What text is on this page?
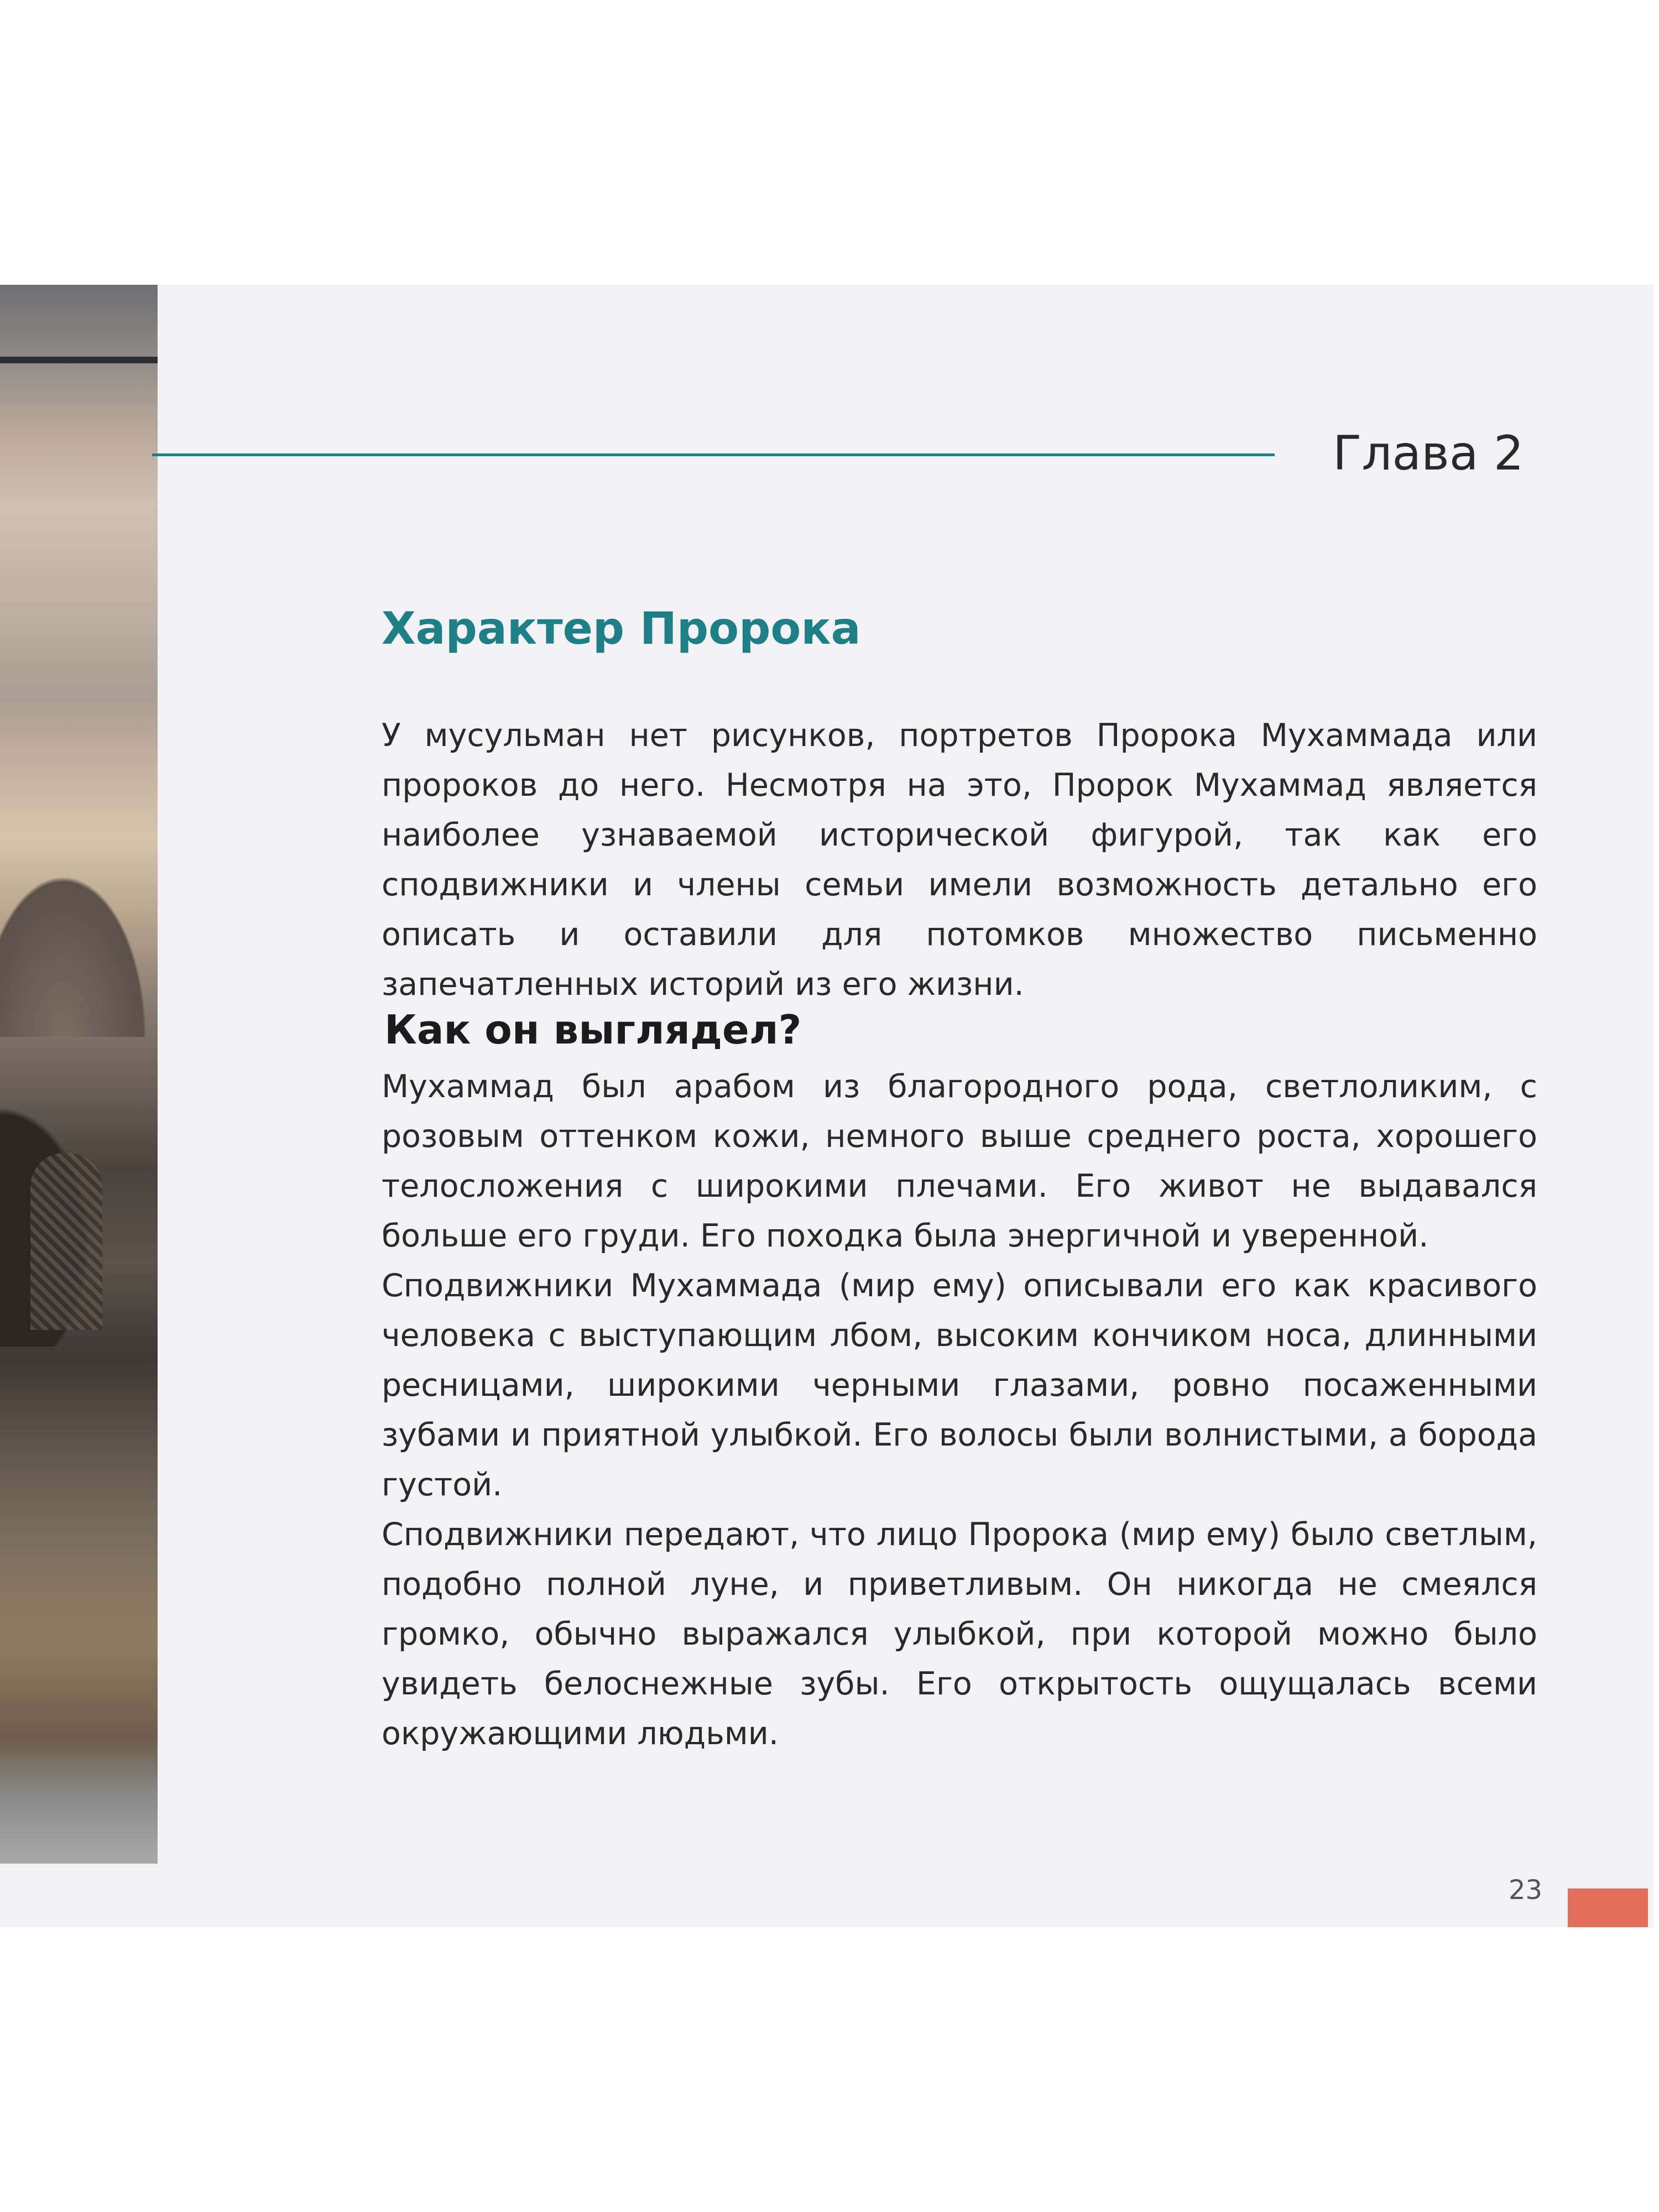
Глава 2
Характер Пророка
У мусульман нет рисунков, портретов Пророка Мухаммада или пророков до него. Несмотря на это, Пророк Мухаммад является наиболее узнаваемой исторической фигурой, так как его сподвижники и члены семьи имели возможность детально его описать и оставили для потомков множество письменно запечатленных историй из его жизни.
Как он выглядел?
Мухаммад был арабом из благородного рода, светлоликим, с розовым оттенком кожи, немного выше среднего роста, хорошего телосложения с широкими плечами. Его живот не выдавался больше его груди. Его походка была энергичной и уверенной.
Сподвижники Мухаммада (мир ему) описывали его как красивого человека с выступающим лбом, высоким кончиком носа, длинными ресницами, широкими черными глазами, ровно посаженными зубами и приятной улыбкой. Его волосы были волнистыми, а борода густой.
Сподвижники передают, что лицо Пророка (мир ему) было светлым, подобно полной луне, и приветливым. Он никогда не смеялся громко, обычно выражался улыбкой, при которой можно было увидеть белоснежные зубы. Его открытость ощущалась всеми окружающими людьми.
23
